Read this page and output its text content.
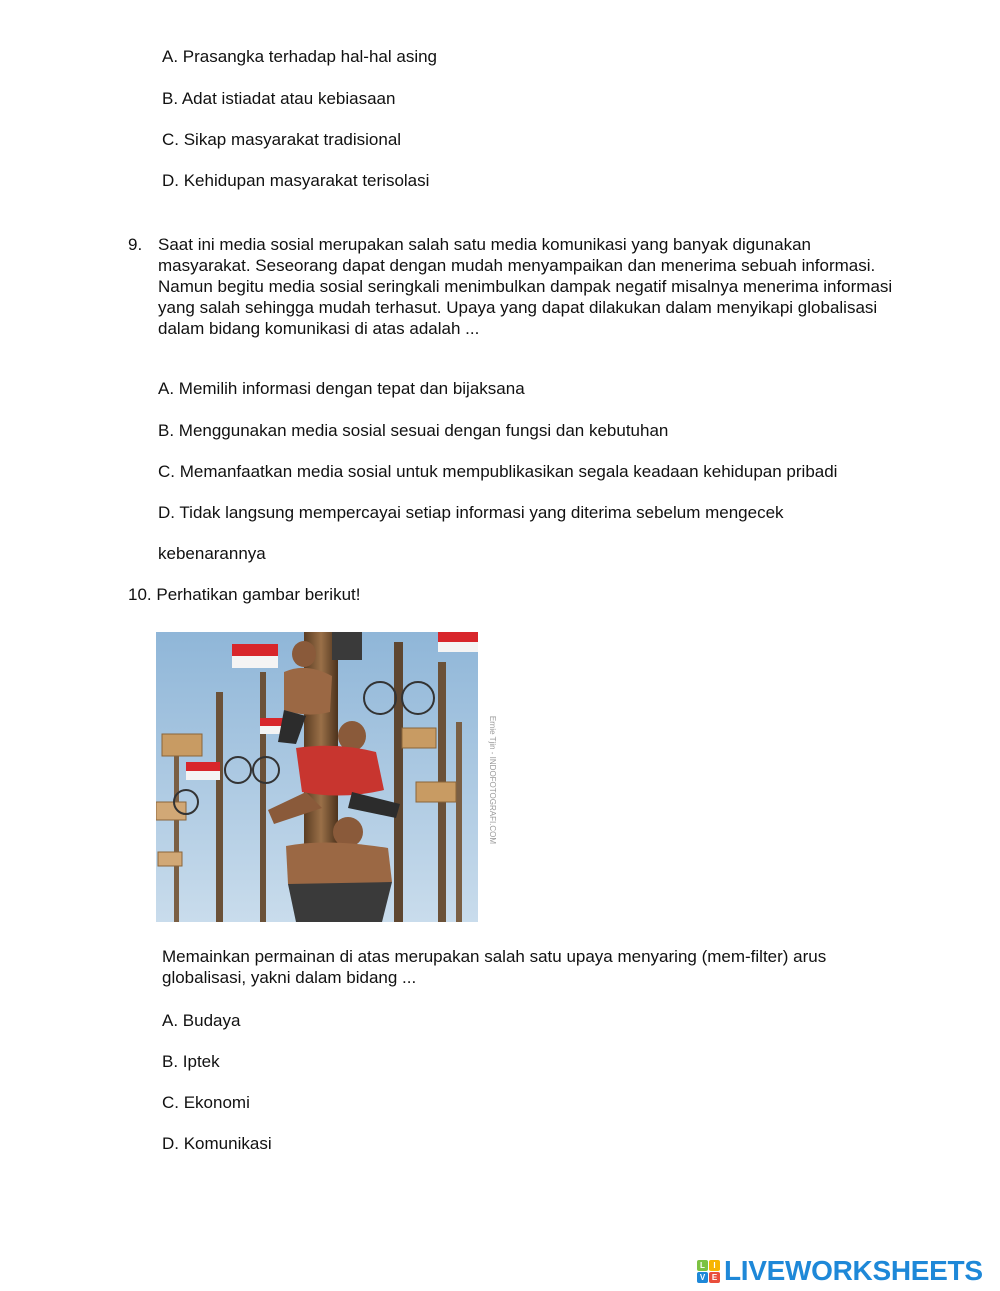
A. Prasangka terhadap hal-hal asing
B. Adat istiadat atau kebiasaan
C. Sikap masyarakat tradisional
D. Kehidupan masyarakat terisolasi
9. Saat ini media sosial merupakan salah satu media komunikasi yang banyak digunakan
masyarakat. Seseorang dapat dengan mudah menyampaikan dan menerima sebuah informasi.
Namun begitu media sosial seringkali menimbulkan dampak negatif misalnya menerima informasi
yang salah sehingga mudah terhasut. Upaya yang dapat dilakukan dalam menyikapi globalisasi
dalam bidang komunikasi di atas adalah ...
A. Memilih informasi dengan tepat dan bijaksana
B. Menggunakan media sosial sesuai dengan fungsi dan kebutuhan
C. Memanfaatkan media sosial untuk mempublikasikan segala keadaan kehidupan pribadi
D. Tidak langsung mempercayai setiap informasi yang diterima sebelum mengecek
kebenarannya
10. Perhatikan gambar berikut!
Ernie Tjin - INDOFOTOGRAFI.COM
Memainkan permainan di atas merupakan salah satu upaya menyaring (mem-filter) arus
globalisasi, yakni dalam bidang ...
A. Budaya
B. Iptek
C. Ekonomi
D. Komunikasi
L	I
V E LIVEWORKSHEETS
